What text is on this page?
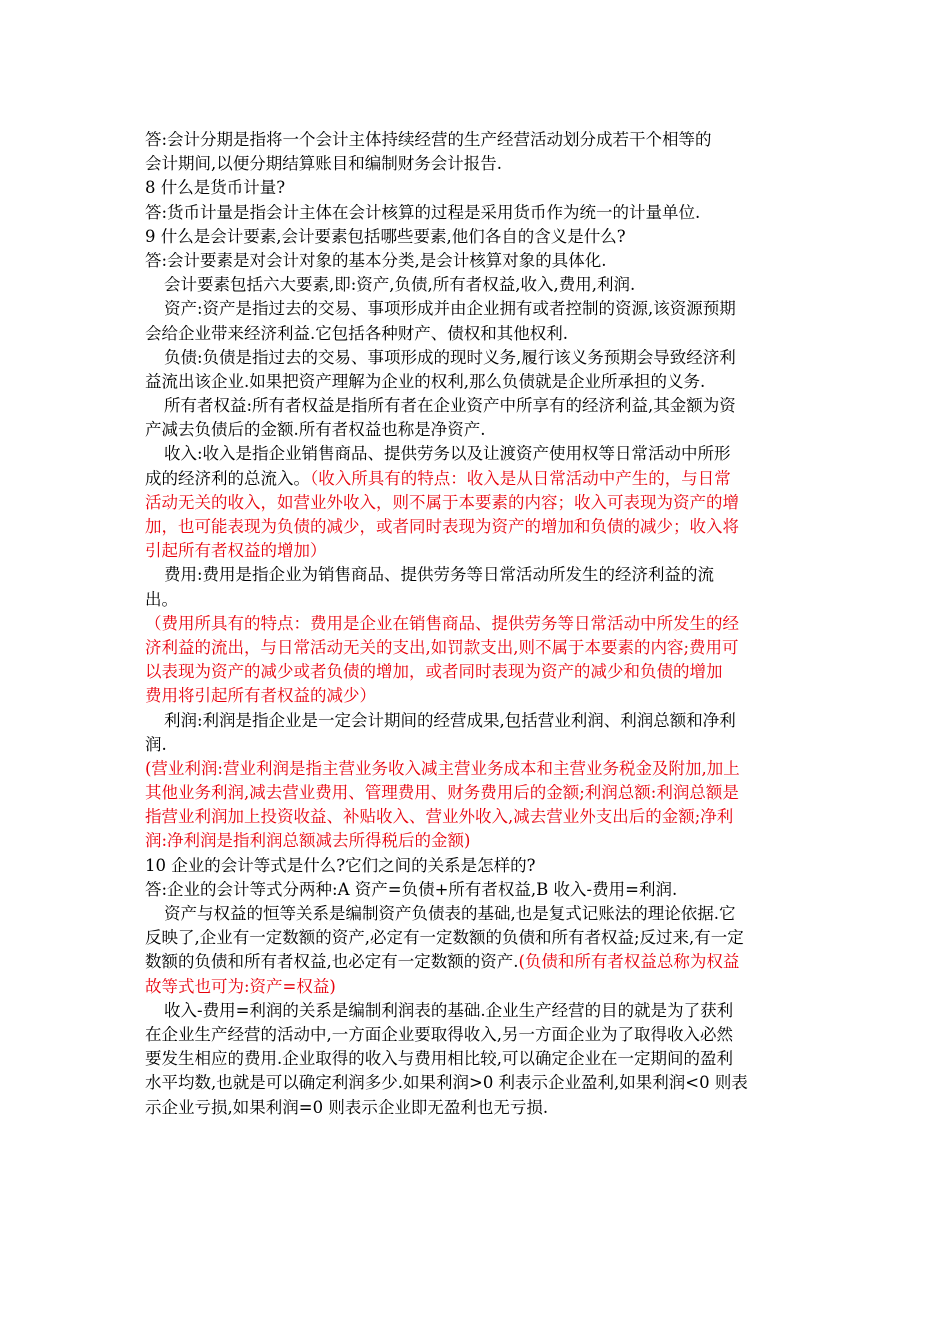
答:会计分期是指将一个会计主体持续经营的生产经营活动划分成若干个相等的
会计期间,以便分期结算账目和编制财务会计报告.
8 什么是货币计量?
答:货币计量是指会计主体在会计核算的过程是采用货币作为统一的计量单位.
9 什么是会计要素,会计要素包括哪些要素,他们各自的含义是什么?
答:会计要素是对会计对象的基本分类,是会计核算对象的具体化.
会计要素包括六大要素,即:资产,负债,所有者权益,收入,费用,利润.
资产:资产是指过去的交易、事项形成并由企业拥有或者控制的资源,该资源预期
会给企业带来经济利益.它包括各种财产、债权和其他权利.
负债:负债是指过去的交易、事项形成的现时义务,履行该义务预期会导致经济利
益流出该企业.如果把资产理解为企业的权利,那么负债就是企业所承担的义务.
所有者权益:所有者权益是指所有者在企业资产中所享有的经济利益,其金额为资
产减去负债后的金额.所有者权益也称是净资产.
收入:收入是指企业销售商品、提供劳务以及让渡资产使用权等日常活动中所形
成的经济利的总流入。（收入所具有的特点：收入是从日常活动中产生的，与日常
活动无关的收入，如营业外收入，则不属于本要素的内容；收入可表现为资产的增
加，也可能表现为负债的减少，或者同时表现为资产的增加和负债的减少；收入将
引起所有者权益的增加）
费用:费用是指企业为销售商品、提供劳务等日常活动所发生的经济利益的流
出。
（费用所具有的特点：费用是企业在销售商品、提供劳务等日常活动中所发生的经
济利益的流出，与日常活动无关的支出,如罚款支出,则不属于本要素的内容;费用可
以表现为资产的减少或者负债的增加，或者同时表现为资产的减少和负债的增加
费用将引起所有者权益的减少）
利润:利润是指企业是一定会计期间的经营成果,包括营业利润、利润总额和净利
润.
(营业利润:营业利润是指主营业务收入减主营业务成本和主营业务税金及附加,加上
其他业务利润,减去营业费用、管理费用、财务费用后的金额;利润总额:利润总额是
指营业利润加上投资收益、补贴收入、营业外收入,减去营业外支出后的金额;净利
润:净利润是指利润总额减去所得税后的金额)
10 企业的会计等式是什么?它们之间的关系是怎样的?
答:企业的会计等式分两种:A 资产=负债+所有者权益,B 收入-费用=利润.
资产与权益的恒等关系是编制资产负债表的基础,也是复式记账法的理论依据.它
反映了,企业有一定数额的资产,必定有一定数额的负债和所有者权益;反过来,有一定
数额的负债和所有者权益,也必定有一定数额的资产.(负债和所有者权益总称为权益
故等式也可为:资产=权益)
收入-费用=利润的关系是编制利润表的基础.企业生产经营的目的就是为了获利
在企业生产经营的活动中,一方面企业要取得收入,另一方面企业为了取得收入必然
要发生相应的费用.企业取得的收入与费用相比较,可以确定企业在一定期间的盈利
水平均数,也就是可以确定利润多少.如果利润>0 利表示企业盈利,如果利润<0 则表
示企业亏损,如果利润=0 则表示企业即无盈利也无亏损.
